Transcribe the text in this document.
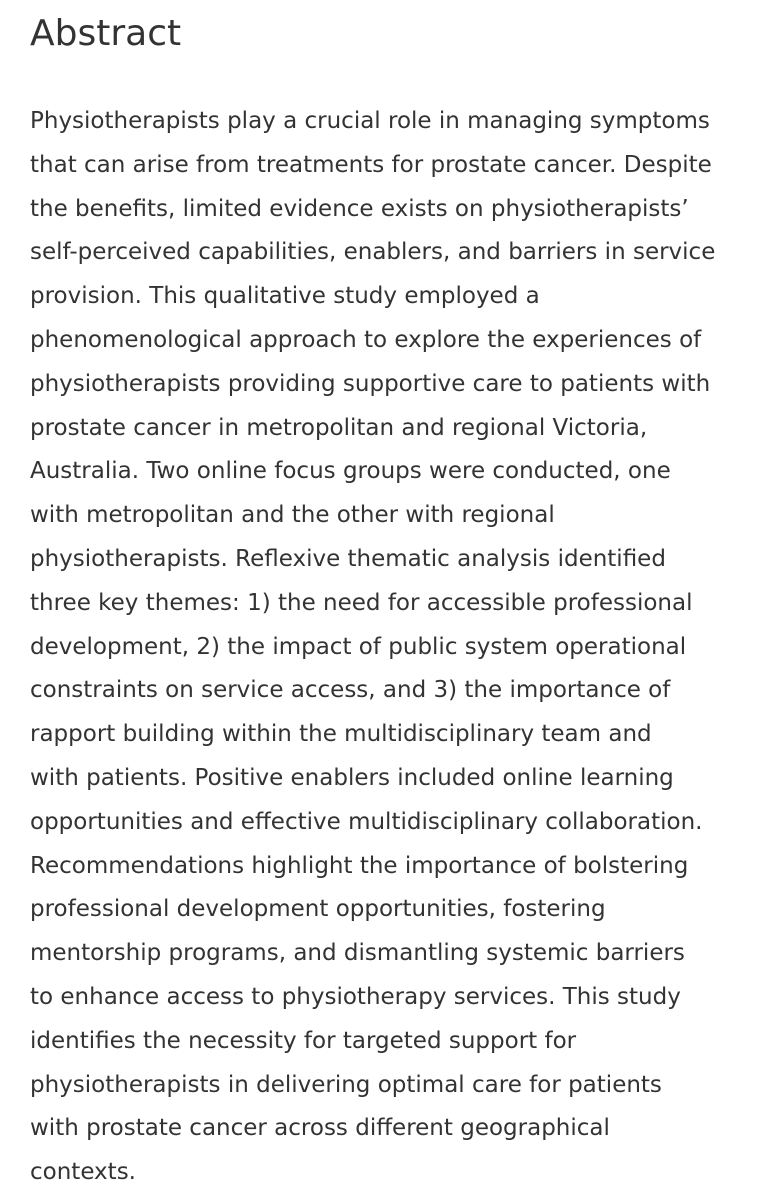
Abstract

Physiotherapists play a crucial role in managing symptoms
that can arise from treatments for prostate cancer. Despite
the benefits, limited evidence exists on physiotherapists’
self-perceived capabilities, enablers, and barriers in service
provision. This qualitative study employed a
phenomenological approach to explore the experiences of
physiotherapists providing supportive care to patients with
prostate cancer in metropolitan and regional Victoria,
Australia. Two online focus groups were conducted, one
with metropolitan and the other with regional
physiotherapists. Reflexive thematic analysis identified
three key themes: 1) the need for accessible professional
development, 2) the impact of public system operational
constraints on service access, and 3) the importance of
rapport building within the multidisciplinary team and
with patients. Positive enablers included online learning
opportunities and effective multidisciplinary collaboration.
Recommendations highlight the importance of bolstering
professional development opportunities, fostering
mentorship programs, and dismantling systemic barriers
to enhance access to physiotherapy services. This study
identifies the necessity for targeted support for
physiotherapists in delivering optimal care for patients
with prostate cancer across different geographical
contexts.
